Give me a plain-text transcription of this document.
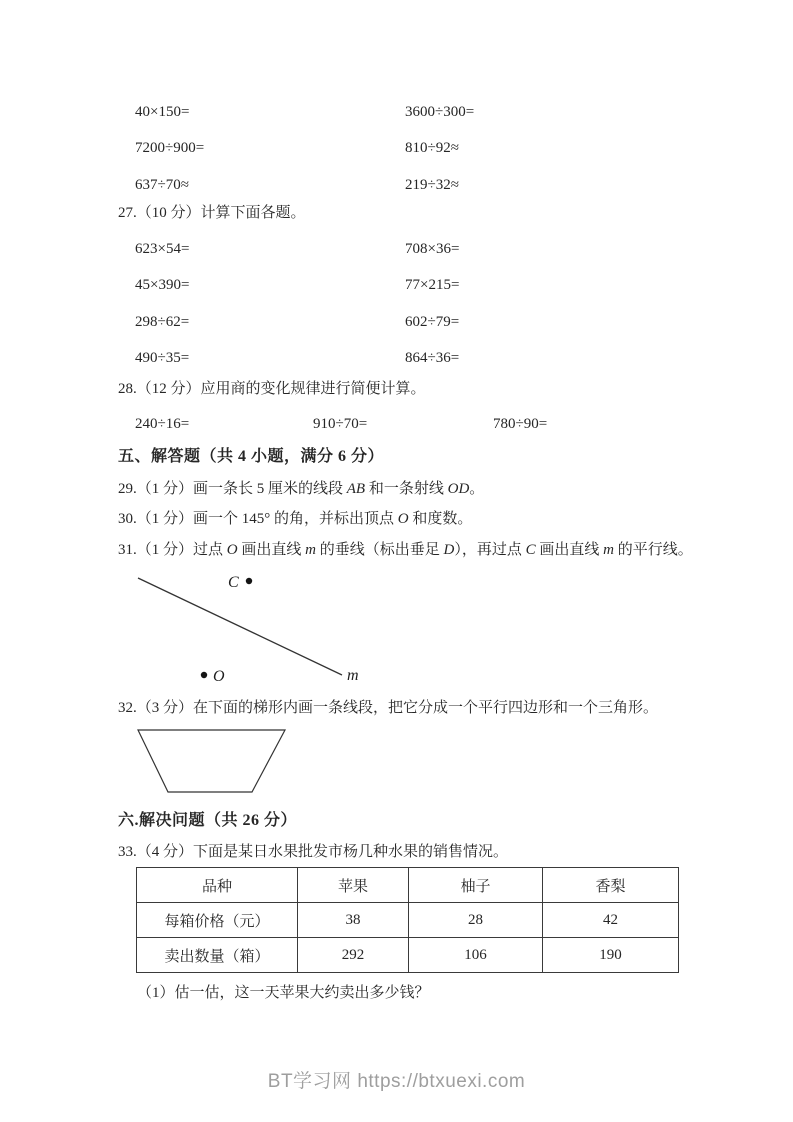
40×150=	3600÷300=
7200÷900=	810÷92≈
637÷70≈	219÷32≈
27.（10 分）计算下面各题。
623×54=	708×36=
45×390=	77×215=
298÷62=	602÷79=
490÷35=	864÷36=
28.（12 分）应用商的变化规律进行简便计算。
240÷16=	910÷70=	780÷90=
五、解答题（共 4 小题，满分 6 分）
29.（1 分）画一条长 5 厘米的线段 AB 和一条射线 OD。
30.（1 分）画一个 145° 的角，并标出顶点 O 和度数。
31.（1 分）过点 O 画出直线 m 的垂线（标出垂足 D），再过点 C 画出直线 m 的平行线。
C
O	m
32.（3 分）在下面的梯形内画一条线段，把它分成一个平行四边形和一个三角形。
六.解决问题（共 26 分）
33.（4 分）下面是某日水果批发市杨几种水果的销售情况。
品种	苹果	柚子	香梨
每箱价格（元）	38	28	42
卖出数量（箱）	292	106	190
（1）估一估，这一天苹果大约卖出多少钱？
BT学习网 https://btxuexi.com
